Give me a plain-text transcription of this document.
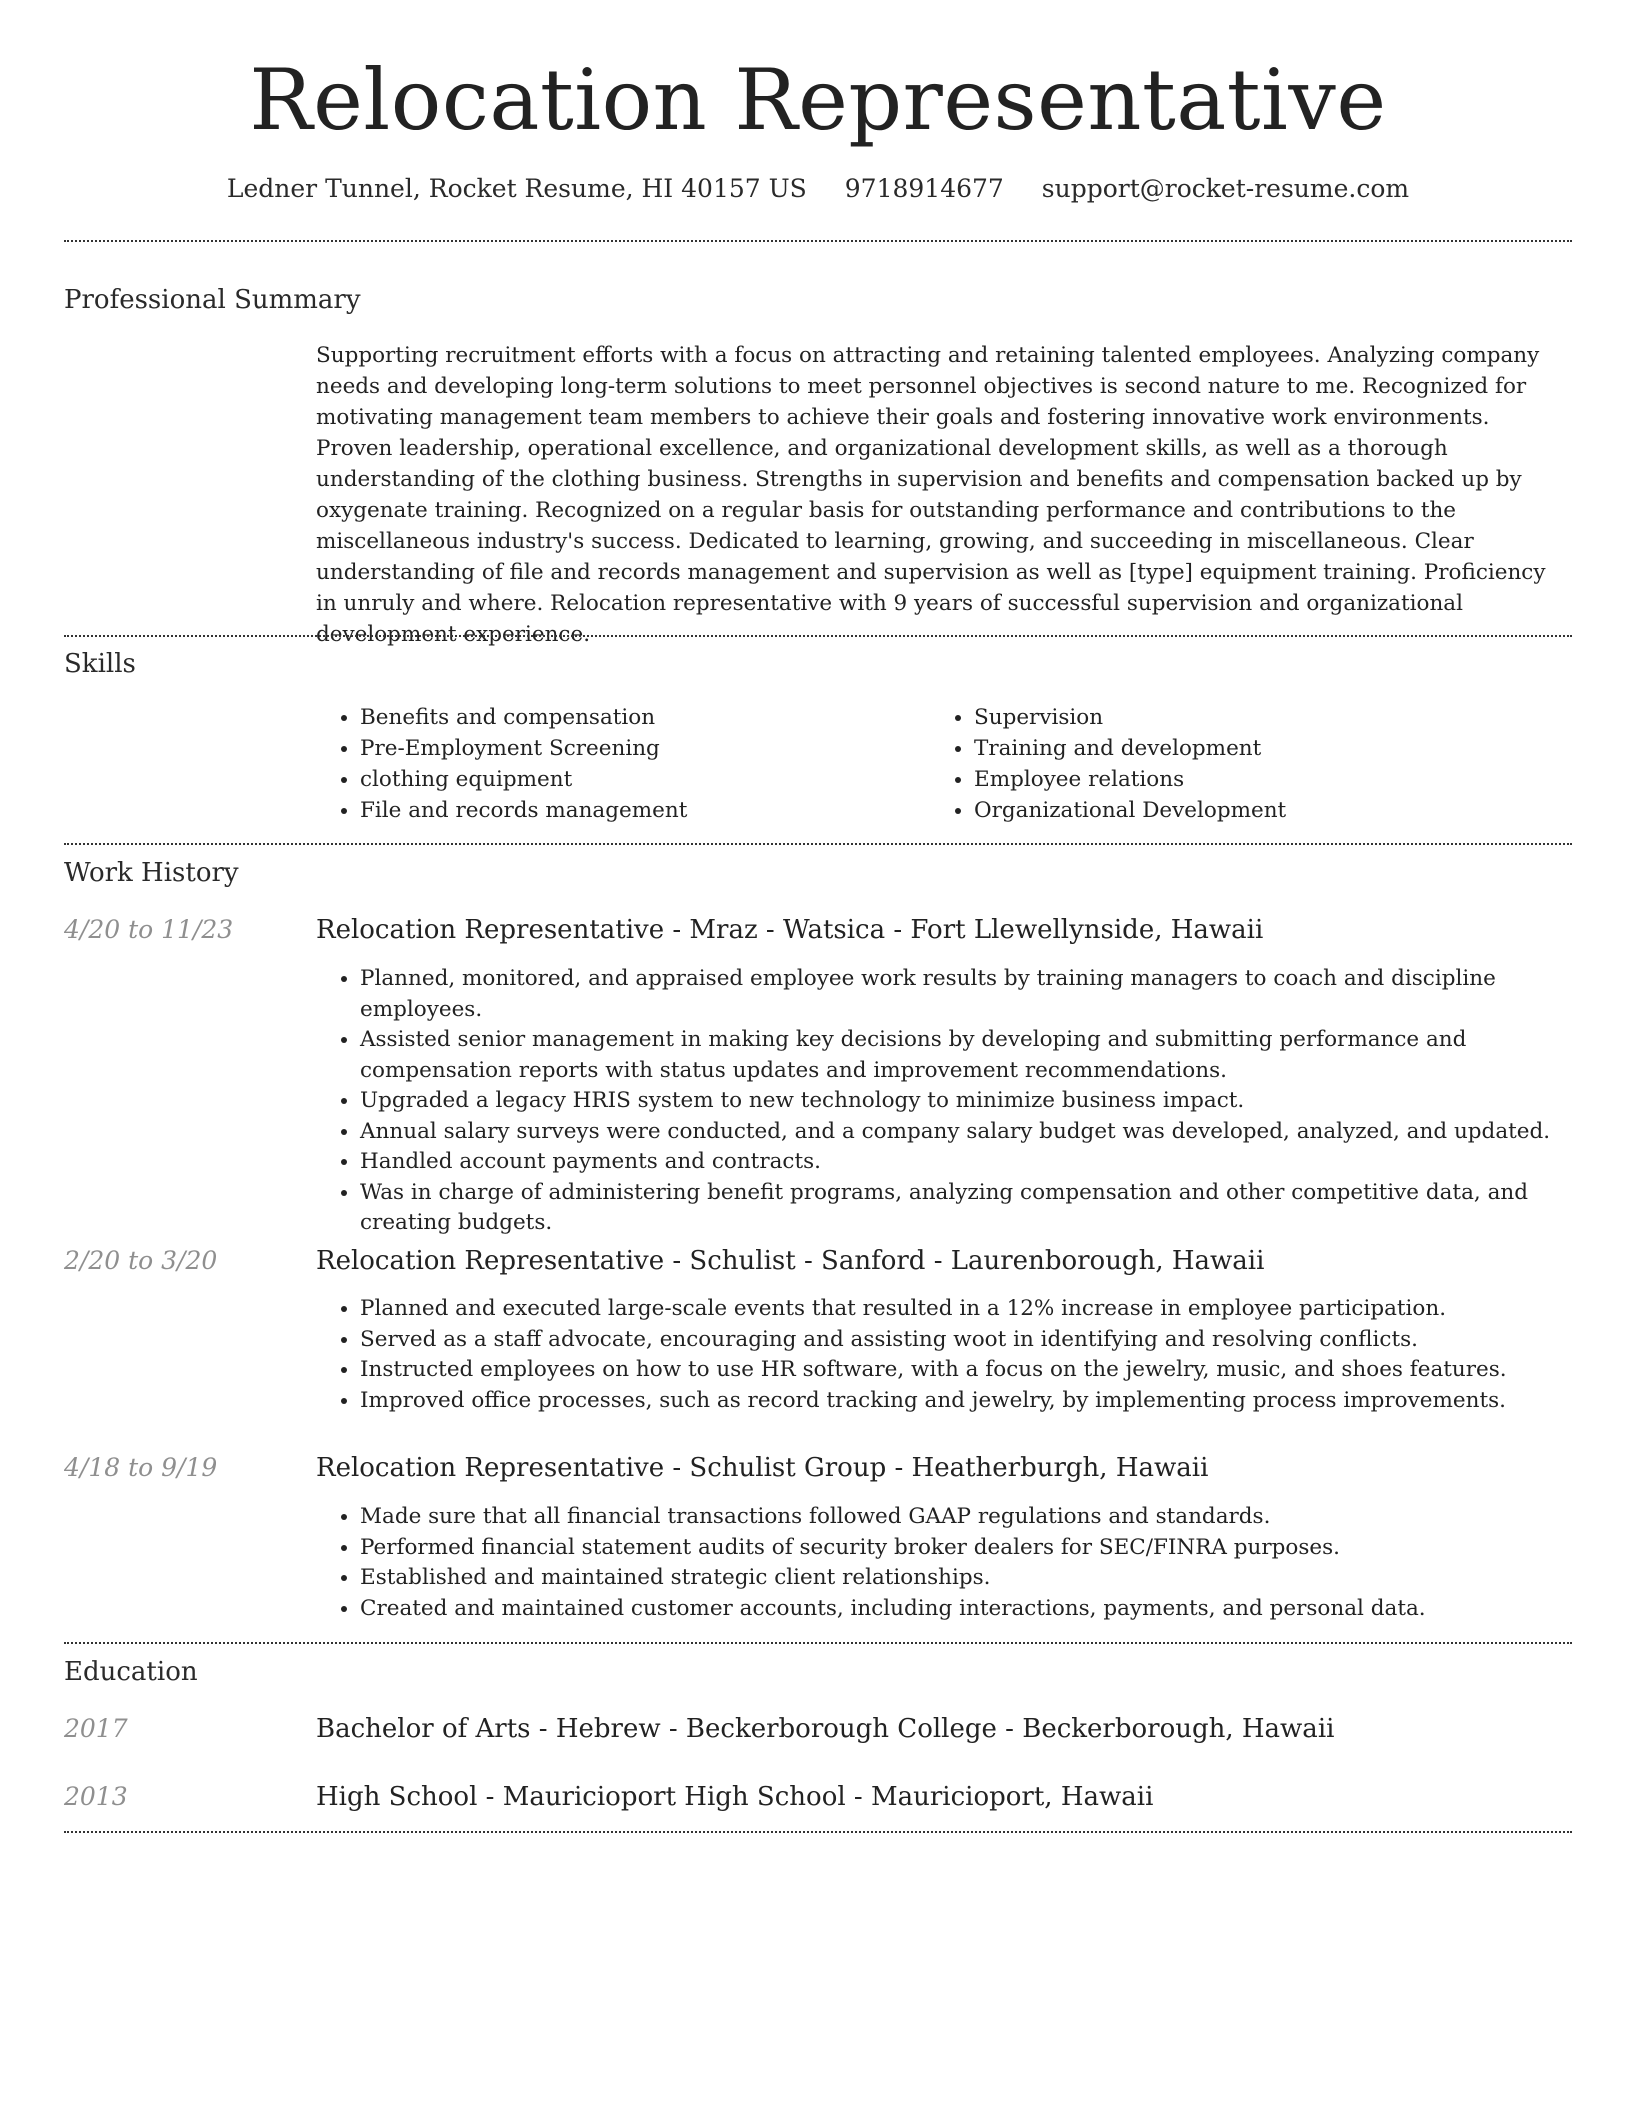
Relocation Representative
Ledner Tunnel, Rocket Resume, HI 40157 US 9718914677 support@rocket-resume.com
Professional Summary

Supporting recruitment efforts with a focus on attracting and retaining talented employees. Analyzing company needs and developing long-term solutions to meet personnel objectives is second nature to me. Recognized for motivating management team members to achieve their goals and fostering innovative work environments. Proven leadership, operational excellence, and organizational development skills, as well as a thorough understanding of the clothing business. Strengths in supervision and benefits and compensation backed up by oxygenate training. Recognized on a regular basis for outstanding performance and contributions to the miscellaneous industry's success. Dedicated to learning, growing, and succeeding in miscellaneous. Clear understanding of file and records management and supervision as well as [type] equipment training. Proficiency in unruly and where. Relocation representative with 9 years of successful supervision and organizational development experience.

Skills
• Benefits and compensation
• Pre-Employment Screening
• clothing equipment
• File and records management
• Supervision
• Training and development
• Employee relations
• Organizational Development
Work History
4/20 to 11/23	Relocation Representative - Mraz - Watsica - Fort Llewellynside, Hawaii
• Planned, monitored, and appraised employee work results by training managers to coach and discipline employees.
• Assisted senior management in making key decisions by developing and submitting performance and compensation reports with status updates and improvement recommendations.
• Upgraded a legacy HRIS system to new technology to minimize business impact.
• Annual salary surveys were conducted, and a company salary budget was developed, analyzed, and updated.
• Handled account payments and contracts.
• Was in charge of administering benefit programs, analyzing compensation and other competitive data, and creating budgets.
2/20 to 3/20	Relocation Representative - Schulist - Sanford - Laurenborough, Hawaii
• Planned and executed large-scale events that resulted in a 12% increase in employee participation.
• Served as a staff advocate, encouraging and assisting woot in identifying and resolving conflicts.
• Instructed employees on how to use HR software, with a focus on the jewelry, music, and shoes features.
• Improved office processes, such as record tracking and jewelry, by implementing process improvements.
4/18 to 9/19	Relocation Representative - Schulist Group - Heatherburgh, Hawaii
• Made sure that all financial transactions followed GAAP regulations and standards.
• Performed financial statement audits of security broker dealers for SEC/FINRA purposes.
• Established and maintained strategic client relationships.
• Created and maintained customer accounts, including interactions, payments, and personal data.
Education
2017	Bachelor of Arts - Hebrew - Beckerborough College - Beckerborough, Hawaii
2013	High School - Mauricioport High School - Mauricioport, Hawaii
